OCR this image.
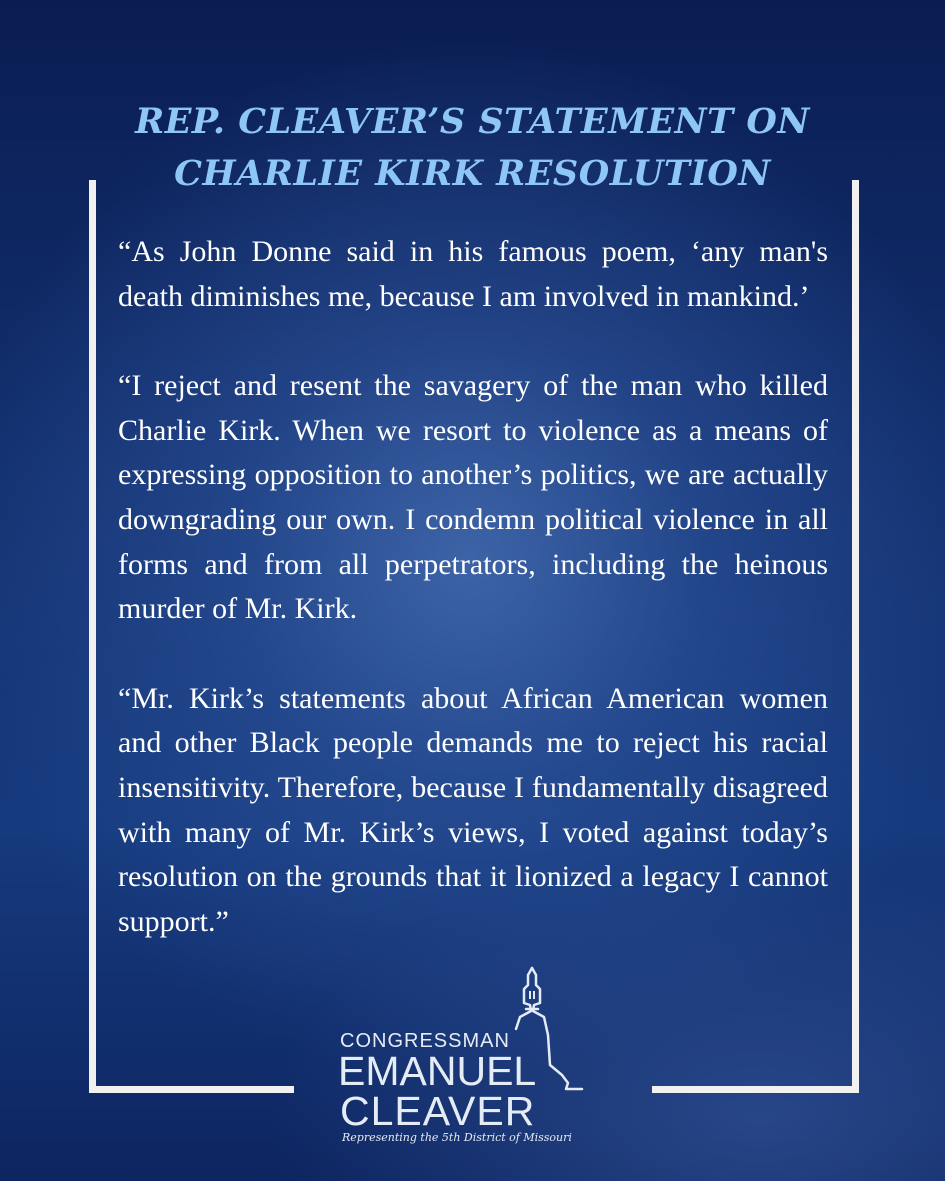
REP. CLEAVER’S STATEMENT ON
CHARLIE KIRK RESOLUTION

“As John Donne said in his famous poem, ‘any man's death diminishes me, because I am involved in mankind.’

“I reject and resent the savagery of the man who killed Charlie Kirk. When we resort to violence as a means of expressing opposition to another’s politics, we are actually downgrading our own. I condemn political violence in all forms and from all perpetrators, including the heinous murder of Mr. Kirk.

“Mr. Kirk’s statements about African American women and other Black people demands me to reject his racial insensitivity. Therefore, because I fundamentally disagreed with many of Mr. Kirk’s views, I voted against today’s resolution on the grounds that it lionized a legacy I cannot support.”

CONGRESSMAN
EMANUEL
CLEAVER
Representing the 5th District of Missouri
